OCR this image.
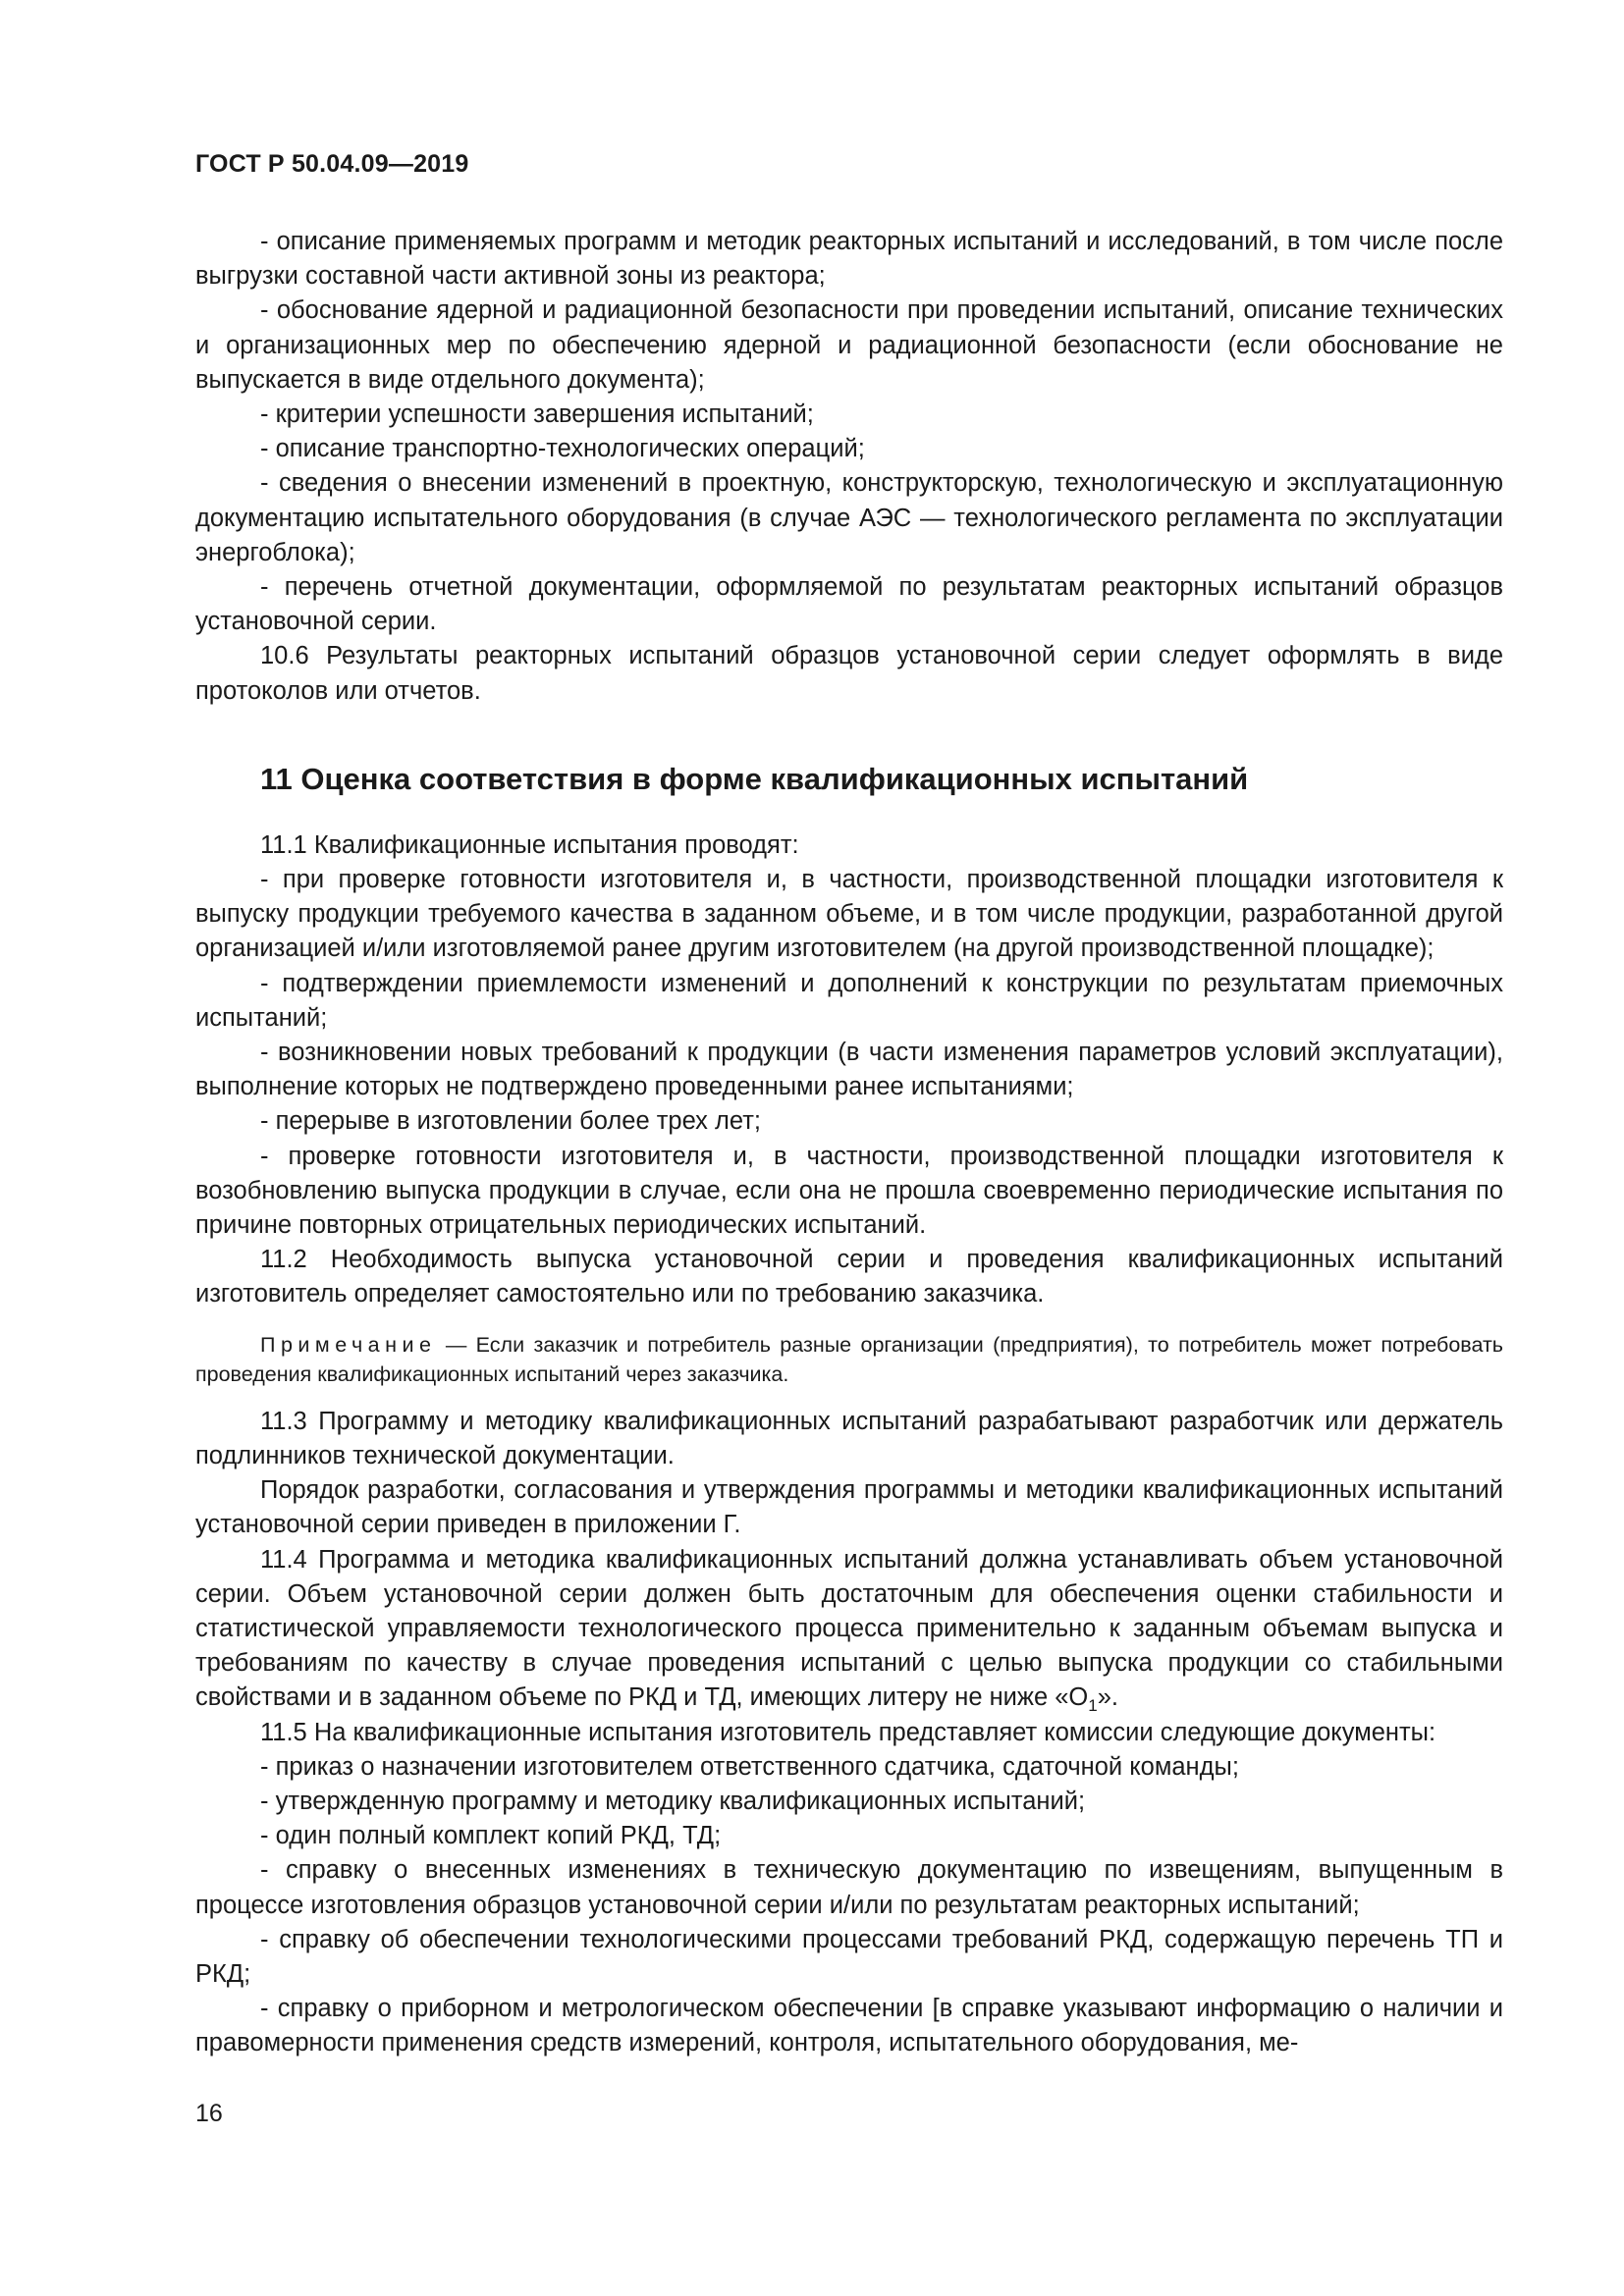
ГОСТ Р 50.04.09—2019

- описание применяемых программ и методик реакторных испытаний и исследований, в том числе после выгрузки составной части активной зоны из реактора;

- обоснование ядерной и радиационной безопасности при проведении испытаний, описание технических и организационных мер по обеспечению ядерной и радиационной безопасности (если обоснование не выпускается в виде отдельного документа);

- критерии успешности завершения испытаний;

- описание транспортно-технологических операций;

- сведения о внесении изменений в проектную, конструкторскую, технологическую и эксплуатационную документацию испытательного оборудования (в случае АЭС — технологического регламента по эксплуатации энергоблока);

- перечень отчетной документации, оформляемой по результатам реакторных испытаний образцов установочной серии.

10.6 Результаты реакторных испытаний образцов установочной серии следует оформлять в виде протоколов или отчетов.

11 Оценка соответствия в форме квалификационных испытаний

11.1 Квалификационные испытания проводят:

- при проверке готовности изготовителя и, в частности, производственной площадки изготовителя к выпуску продукции требуемого качества в заданном объеме, и в том числе продукции, разработанной другой организацией и/или изготовляемой ранее другим изготовителем (на другой производственной площадке);

- подтверждении приемлемости изменений и дополнений к конструкции по результатам приемочных испытаний;

- возникновении новых требований к продукции (в части изменения параметров условий эксплуатации), выполнение которых не подтверждено проведенными ранее испытаниями;

- перерыве в изготовлении более трех лет;

- проверке готовности изготовителя и, в частности, производственной площадки изготовителя к возобновлению выпуска продукции в случае, если она не прошла своевременно периодические испытания по причине повторных отрицательных периодических испытаний.

11.2 Необходимость выпуска установочной серии и проведения квалификационных испытаний изготовитель определяет самостоятельно или по требованию заказчика.

Примечание — Если заказчик и потребитель разные организации (предприятия), то потребитель может потребовать проведения квалификационных испытаний через заказчика.

11.3 Программу и методику квалификационных испытаний разрабатывают разработчик или держатель подлинников технической документации.

Порядок разработки, согласования и утверждения программы и методики квалификационных испытаний установочной серии приведен в приложении Г.

11.4 Программа и методика квалификационных испытаний должна устанавливать объем установочной серии. Объем установочной серии должен быть достаточным для обеспечения оценки стабильности и статистической управляемости технологического процесса применительно к заданным объемам выпуска и требованиям по качеству в случае проведения испытаний с целью выпуска продукции со стабильными свойствами и в заданном объеме по РКД и ТД, имеющих литеру не ниже «$О_1$».

11.5 На квалификационные испытания изготовитель представляет комиссии следующие документы:

- приказ о назначении изготовителем ответственного сдатчика, сдаточной команды;

- утвержденную программу и методику квалификационных испытаний;

- один полный комплект копий РКД, ТД;

- справку о внесенных изменениях в техническую документацию по извещениям, выпущенным в процессе изготовления образцов установочной серии и/или по результатам реакторных испытаний;

- справку об обеспечении технологическими процессами требований РКД, содержащую перечень ТП и РКД;

- справку о приборном и метрологическом обеспечении [в справке указывают информацию о наличии и правомерности применения средств измерений, контроля, испытательного оборудования, ме-

16
